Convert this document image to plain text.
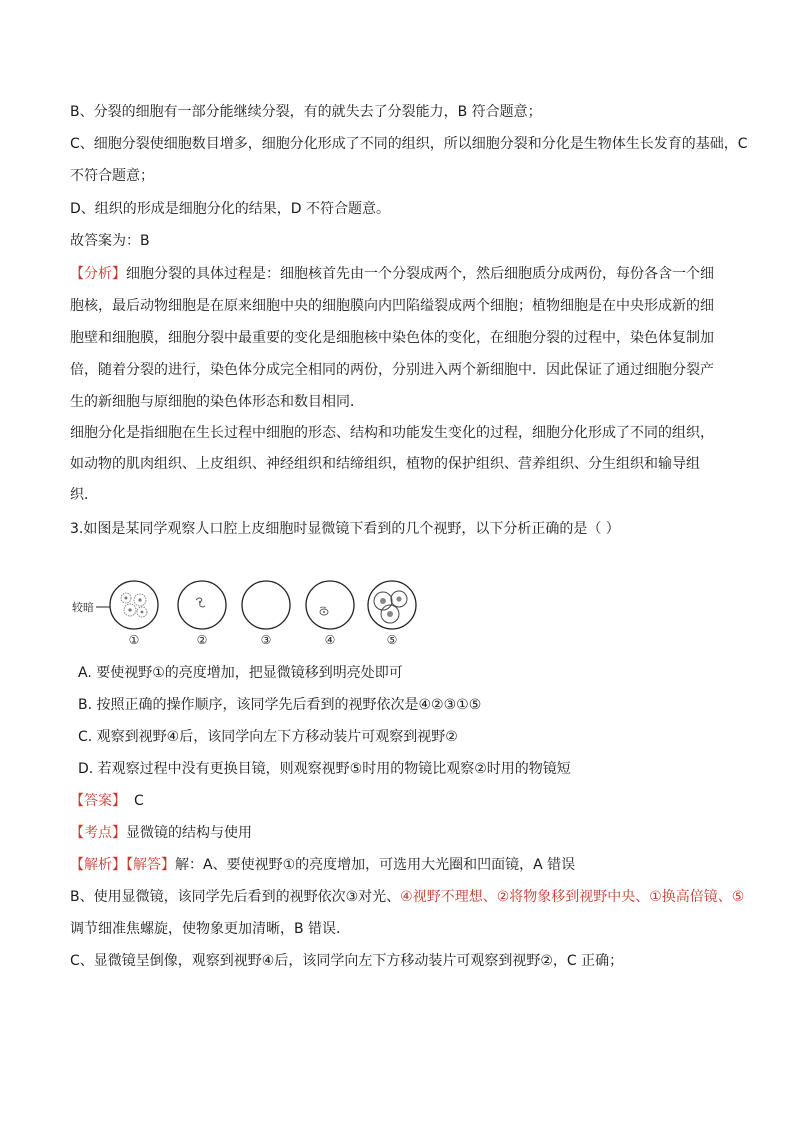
B、分裂的细胞有一部分能继续分裂，有的就失去了分裂能力，B 符合题意；
C、细胞分裂使细胞数目增多，细胞分化形成了不同的组织，所以细胞分裂和分化是生物体生长发育的基础，C
不符合题意；
D、组织的形成是细胞分化的结果，D 不符合题意。
故答案为：B
【分析】细胞分裂的具体过程是：细胞核首先由一个分裂成两个，然后细胞质分成两份，每份各含一个细
胞核，最后动物细胞是在原来细胞中央的细胞膜向内凹陷缢裂成两个细胞；植物细胞是在中央形成新的细
胞壁和细胞膜，细胞分裂中最重要的变化是细胞核中染色体的变化，在细胞分裂的过程中，染色体复制加
倍，随着分裂的进行，染色体分成完全相同的两份，分别进入两个新细胞中．因此保证了通过细胞分裂产
生的新细胞与原细胞的染色体形态和数目相同．
细胞分化是指细胞在生长过程中细胞的形态、结构和功能发生变化的过程，细胞分化形成了不同的组织，
如动物的肌肉组织、上皮组织、神经组织和结缔组织，植物的保护组织、营养组织、分生组织和输导组
织．
3.如图是某同学观察人口腔上皮细胞时显微镜下看到的几个视野，以下分析正确的是（ ）
较暗
①	②	③	④	⑤
A. 要使视野①的亮度增加，把显微镜移到明亮处即可
B. 按照正确的操作顺序，该同学先后看到的视野依次是④②③①⑤
C. 观察到视野④后，该同学向左下方移动装片可观察到视野②
D. 若观察过程中没有更换目镜，则观察视野⑤时用的物镜比观察②时用的物镜短
【答案】 C
【考点】显微镜的结构与使用
【解析】【解答】解：A、要使视野①的亮度增加，可选用大光圈和凹面镜，A 错误
B、使用显微镜，该同学先后看到的视野依次③对光、④视野不理想、②将物象移到视野中央、①换高倍镜、⑤
调节细准焦螺旋，使物象更加清晰，B 错误．
C、显微镜呈倒像，观察到视野④后，该同学向左下方移动装片可观察到视野②，C 正确；
